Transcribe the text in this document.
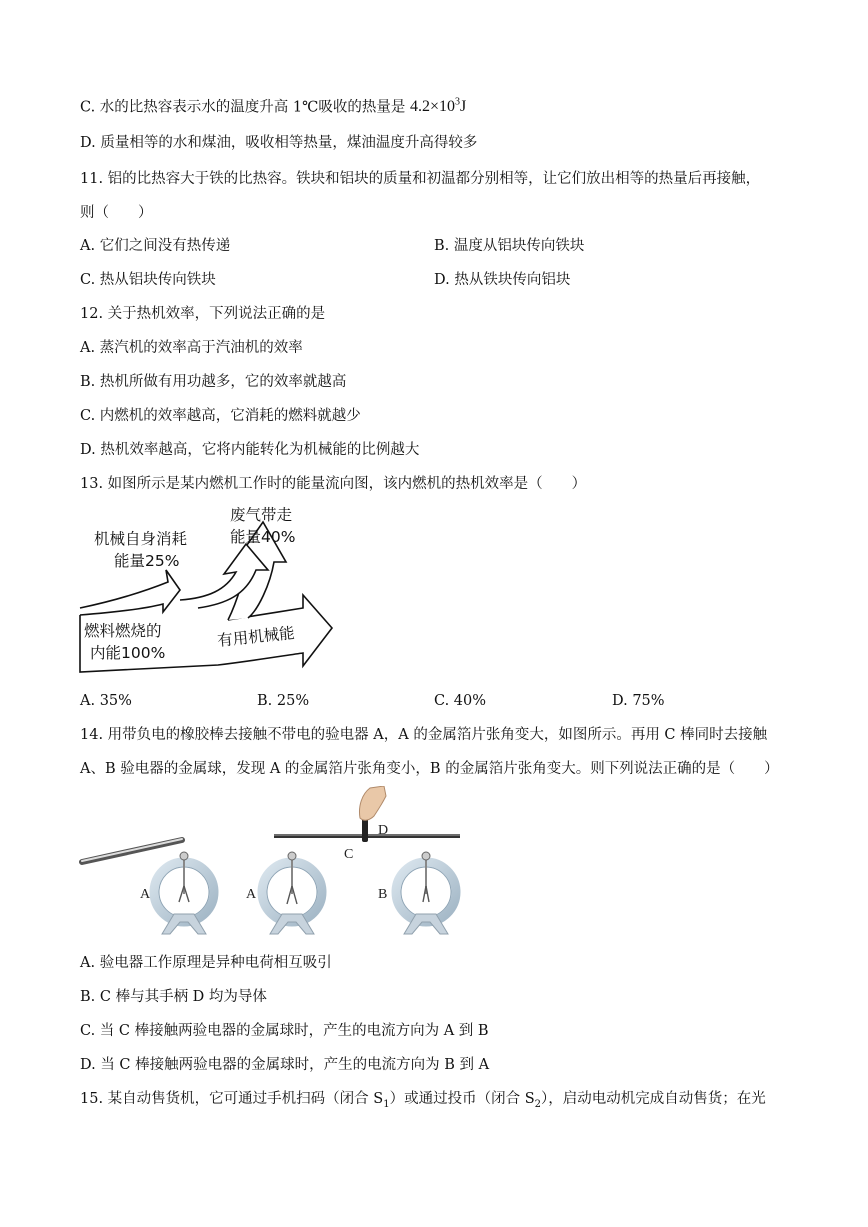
C. 水的比热容表示水的温度升高 1℃吸收的热量是 $4.2\times 10^3J$
D. 质量相等的水和煤油，吸收相等热量，煤油温度升高得较多
11. 铝的比热容大于铁的比热容。铁块和铝块的质量和初温都分别相等，让它们放出相等的热量后再接触，
则（　　）
A. 它们之间没有热传递	B. 温度从铝块传向铁块
C. 热从铝块传向铁块	D. 热从铁块传向铝块
12. 关于热机效率，下列说法正确的是
A. 蒸汽机的效率高于汽油机的效率
B. 热机所做有用功越多，它的效率就越高
C. 内燃机的效率越高，它消耗的燃料就越少
D. 热机效率越高，它将内能转化为机械能的比例越大
13. 如图所示是某内燃机工作时的能量流向图，该内燃机的热机效率是（　　）
机械自身消耗
能量25%
废气带走
能量40%
燃料燃烧的
内能100%
有用机械能
A. 35%	B. 25%	C. 40%	D. 75%
14. 用带负电的橡胶棒去接触不带电的验电器 A，A 的金属箔片张角变大，如图所示。再用 C 棒同时去接触
A、B 验电器的金属球，发现 A 的金属箔片张角变小，B 的金属箔片张角变大。则下列说法正确的是（　　）
D
C
A	A	B
A. 验电器工作原理是异种电荷相互吸引
B. C 棒与其手柄 D 均为导体
C. 当 C 棒接触两验电器的金属球时，产生的电流方向为 A 到 B
D. 当 C 棒接触两验电器的金属球时，产生的电流方向为 B 到 A
15. 某自动售货机，它可通过手机扫码（闭合 $S_1$）或通过投币（闭合 $S_2$），启动电动机完成自动售货；在光
